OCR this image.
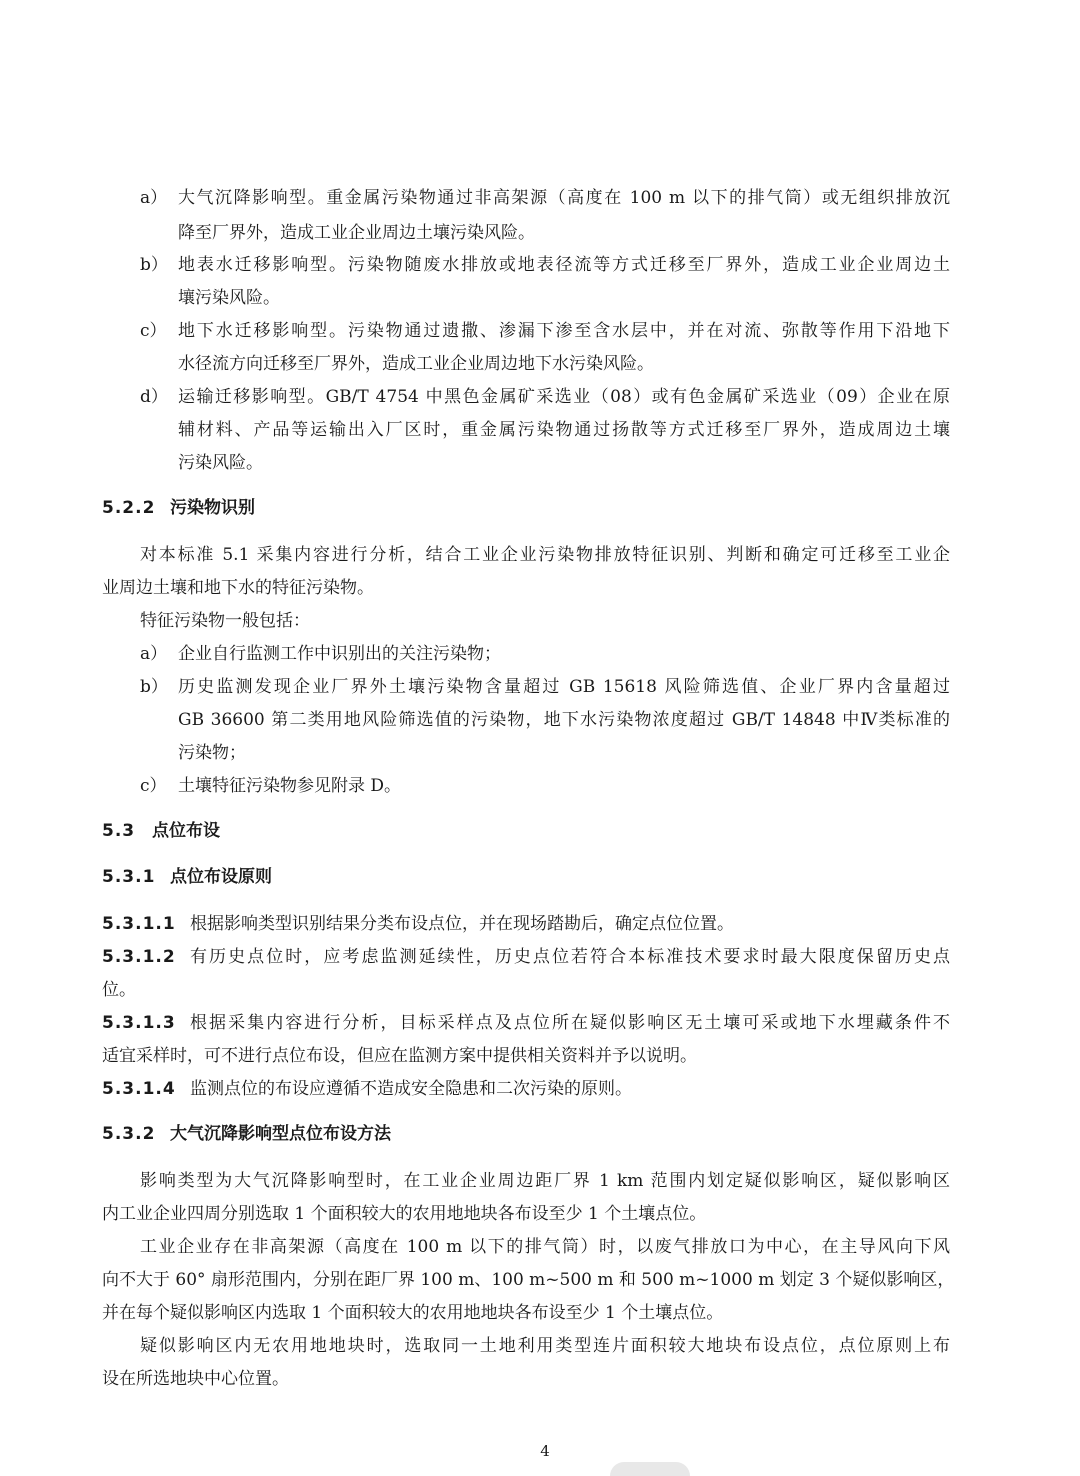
a） 大气沉降影响型。重金属污染物通过非高架源（高度在 100 m 以下的排气筒）或无组织排放沉
降至厂界外，造成工业企业周边土壤污染风险。
b） 地表水迁移影响型。污染物随废水排放或地表径流等方式迁移至厂界外，造成工业企业周边土
壤污染风险。
c） 地下水迁移影响型。污染物通过遗撒、渗漏下渗至含水层中，并在对流、弥散等作用下沿地下
水径流方向迁移至厂界外，造成工业企业周边地下水污染风险。
d） 运输迁移影响型。GB/T 4754 中黑色金属矿采选业（08）或有色金属矿采选业（09）企业在原
辅材料、产品等运输出入厂区时，重金属污染物通过扬散等方式迁移至厂界外，造成周边土壤
污染风险。
5.2.2 污染物识别
对本标准 5.1 采集内容进行分析，结合工业企业污染物排放特征识别、判断和确定可迁移至工业企
业周边土壤和地下水的特征污染物。
特征污染物一般包括：
a） 企业自行监测工作中识别出的关注污染物；
b） 历史监测发现企业厂界外土壤污染物含量超过 GB 15618 风险筛选值、企业厂界内含量超过
GB 36600 第二类用地风险筛选值的污染物，地下水污染物浓度超过 GB/T 14848 中Ⅳ类标准的
污染物；
c） 土壤特征污染物参见附录 D。
5.3 点位布设
5.3.1 点位布设原则
5.3.1.1 根据影响类型识别结果分类布设点位，并在现场踏勘后，确定点位位置。
5.3.1.2 有历史点位时，应考虑监测延续性，历史点位若符合本标准技术要求时最大限度保留历史点
位。
5.3.1.3 根据采集内容进行分析，目标采样点及点位所在疑似影响区无土壤可采或地下水埋藏条件不
适宜采样时，可不进行点位布设，但应在监测方案中提供相关资料并予以说明。
5.3.1.4 监测点位的布设应遵循不造成安全隐患和二次污染的原则。
5.3.2 大气沉降影响型点位布设方法
影响类型为大气沉降影响型时，在工业企业周边距厂界 1 km 范围内划定疑似影响区，疑似影响区
内工业企业四周分别选取 1 个面积较大的农用地地块各布设至少 1 个土壤点位。
工业企业存在非高架源（高度在 100 m 以下的排气筒）时，以废气排放口为中心，在主导风向下风
向不大于 60° 扇形范围内，分别在距厂界 100 m、100 m~500 m 和 500 m~1000 m 划定 3 个疑似影响区，
并在每个疑似影响区内选取 1 个面积较大的农用地地块各布设至少 1 个土壤点位。
疑似影响区内无农用地地块时，选取同一土地利用类型连片面积较大地块布设点位，点位原则上布
设在所选地块中心位置。
4
